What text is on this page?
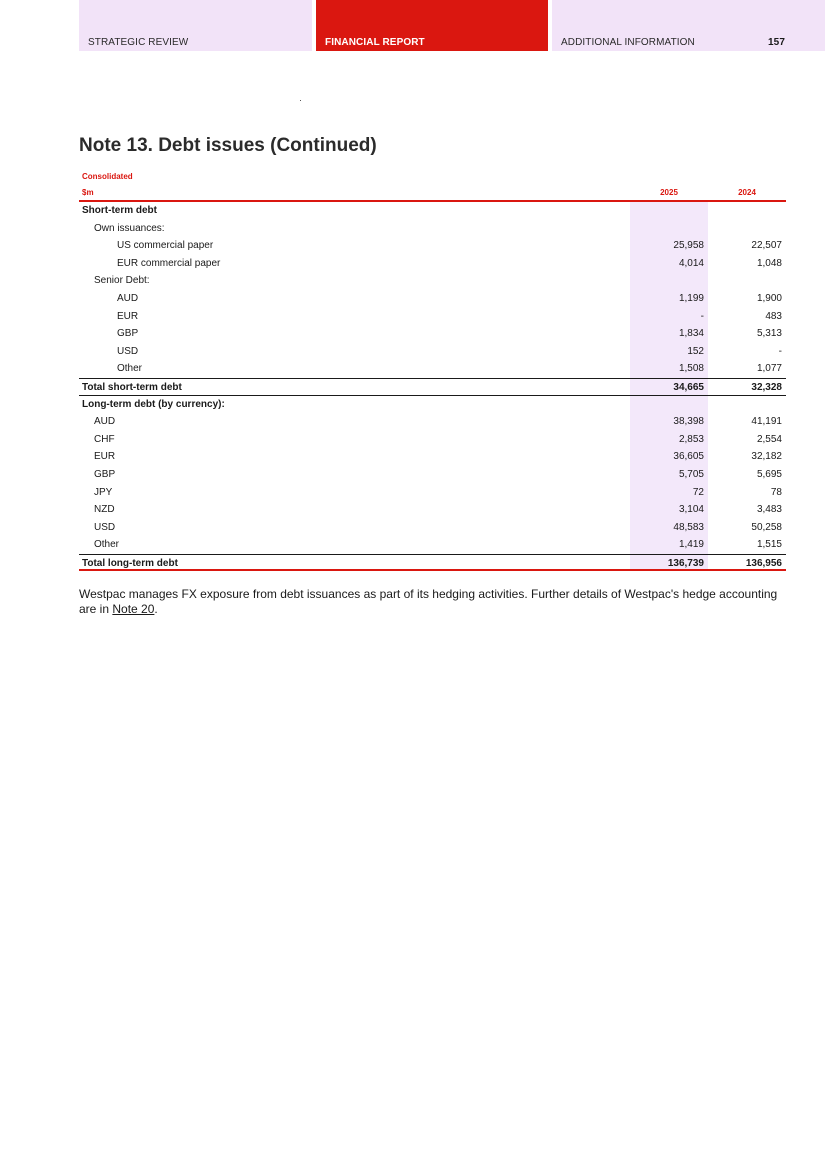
STRATEGIC REVIEW	FINANCIAL REPORT	ADDITIONAL INFORMATION	157
Note 13. Debt issues (Continued)
Consolidated
$m	2025	2024
Short-term debt
Own issuances:
US commercial paper	25,958	22,507
EUR commercial paper	4,014	1,048
Senior Debt:
AUD	1,199	1,900
EUR	-	483
GBP	1,834	5,313
USD	152	-
Other	1,508	1,077
Total short-term debt	34,665	32,328
Long-term debt (by currency):
AUD	38,398	41,191
CHF	2,853	2,554
EUR	36,605	32,182
GBP	5,705	5,695
JPY	72	78
NZD	3,104	3,483
USD	48,583	50,258
Other	1,419	1,515
Total long-term debt	136,739	136,956

Westpac manages FX exposure from debt issuances as part of its hedging activities. Further details of Westpac's hedge accounting are in Note 20.
